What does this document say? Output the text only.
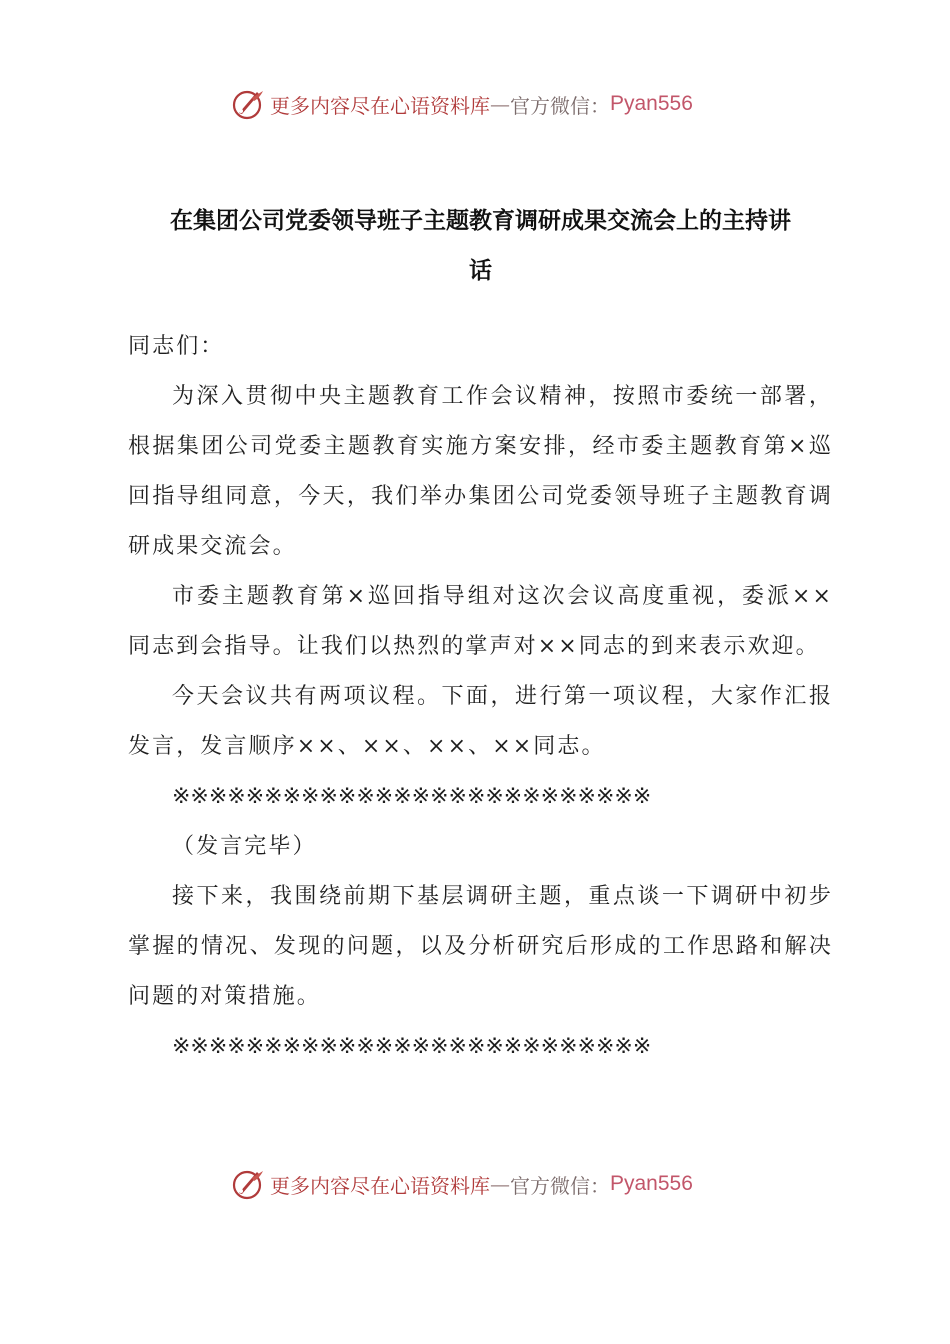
更多内容尽在心语资料库 — 官方微信： Pyan556
在集团公司党委领导班子主题教育调研成果交流会上的主持讲
话

同志们：

为深入贯彻中央主题教育工作会议精神，按照市委统一部署，根据集团公司党委主题教育实施方案安排，经市委主题教育第×巡回指导组同意，今天，我们举办集团公司党委领导班子主题教育调研成果交流会。

市委主题教育第×巡回指导组对这次会议高度重视，委派××同志到会指导。让我们以热烈的掌声对××同志的到来表示欢迎。

今天会议共有两项议程。下面，进行第一项议程，大家作汇报发言，发言顺序××、××、××、××同志。

※※※※※※※※※※※※※※※※※※※※※※※※※※

（发言完毕）

接下来，我围绕前期下基层调研主题，重点谈一下调研中初步掌握的情况、发现的问题，以及分析研究后形成的工作思路和解决问题的对策措施。

※※※※※※※※※※※※※※※※※※※※※※※※※※

更多内容尽在心语资料库 — 官方微信： Pyan556
